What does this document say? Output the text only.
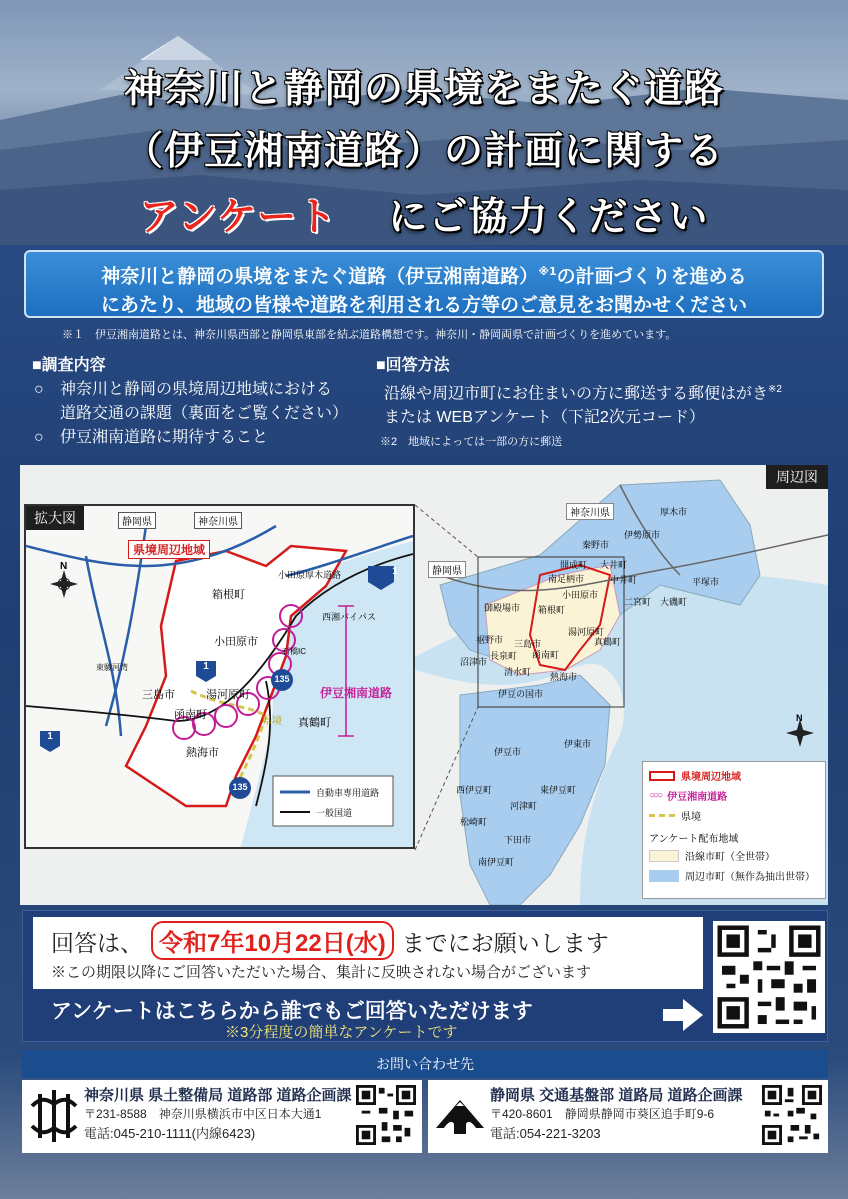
神奈川と静岡の県境をまたぐ道路
（伊豆湘南道路）の計画に関する
アンケート にご協力ください
神奈川と静岡の県境をまたぐ道路（伊豆湘南道路）$^{※1}$の計画づくりを進める
にあたり、地域の皆様や道路を利用される方等のご意見をお聞かせください
※１　伊豆湘南道路とは、神奈川県西部と静岡県東部を結ぶ道路構想です。神奈川・静岡両県で計画づくりを進めています。
■調査内容
○ 神奈川と静岡の県境周辺地域における
道路交通の課題（裏面をご覧ください）
○ 伊豆湘南道路に期待すること
■回答方法
沿線や周辺市町にお住まいの方に郵送する郵便はがき$^{※2}$
または WEBアンケート（下記2次元コード）
※2　地域によっては一部の方に郵送
周辺図
神奈川県
静岡県
厚木市
平塚市
二宮町 大磯町
秦野市
伊勢原市
開成町 大井町
中井町
南足柄市
小田原市
箱根町
湯河原町
真鶴町
函南町
熱海市
三島市
伊豆の国市
沼津市
御殿場市
裾野市
長泉町
清水町
伊東市
伊豆市
東伊豆町
河津町
下田市
南伊豆町
西伊豆町
松崎町
N
拡大図	静岡県	神奈川県
県境周辺地域
箱根町
小田原市
湯河原町
真鶴町
熱海市
函南町
三島市	伊豆湘南道路
県境
西湘バイパス
小田原厚木道路
石橋IC
東駿河湾
N
1
1
1
135
135
自動車専用道路
一般国道
県境周辺地域
○○○ 伊豆湘南道路
県境
アンケート配布地域
沿線市町（全世帯）
周辺市町（無作為抽出世帯）
回答は、 令和7年10月22日(水) までにお願いします
※この期限以降にご回答いただいた場合、集計に反映されない場合がございます
アンケートはこちらから誰でもご回答いただけます
※3分程度の簡単なアンケートです
お問い合わせ先
神奈川県 県土整備局 道路部 道路企画課
〒231-8588　神奈川県横浜市中区日本大通1
電話:045-210-1111(内線6423)
静岡県 交通基盤部 道路局 道路企画課
〒420-8601　静岡県静岡市葵区追手町9-6
電話:054-221-3203
